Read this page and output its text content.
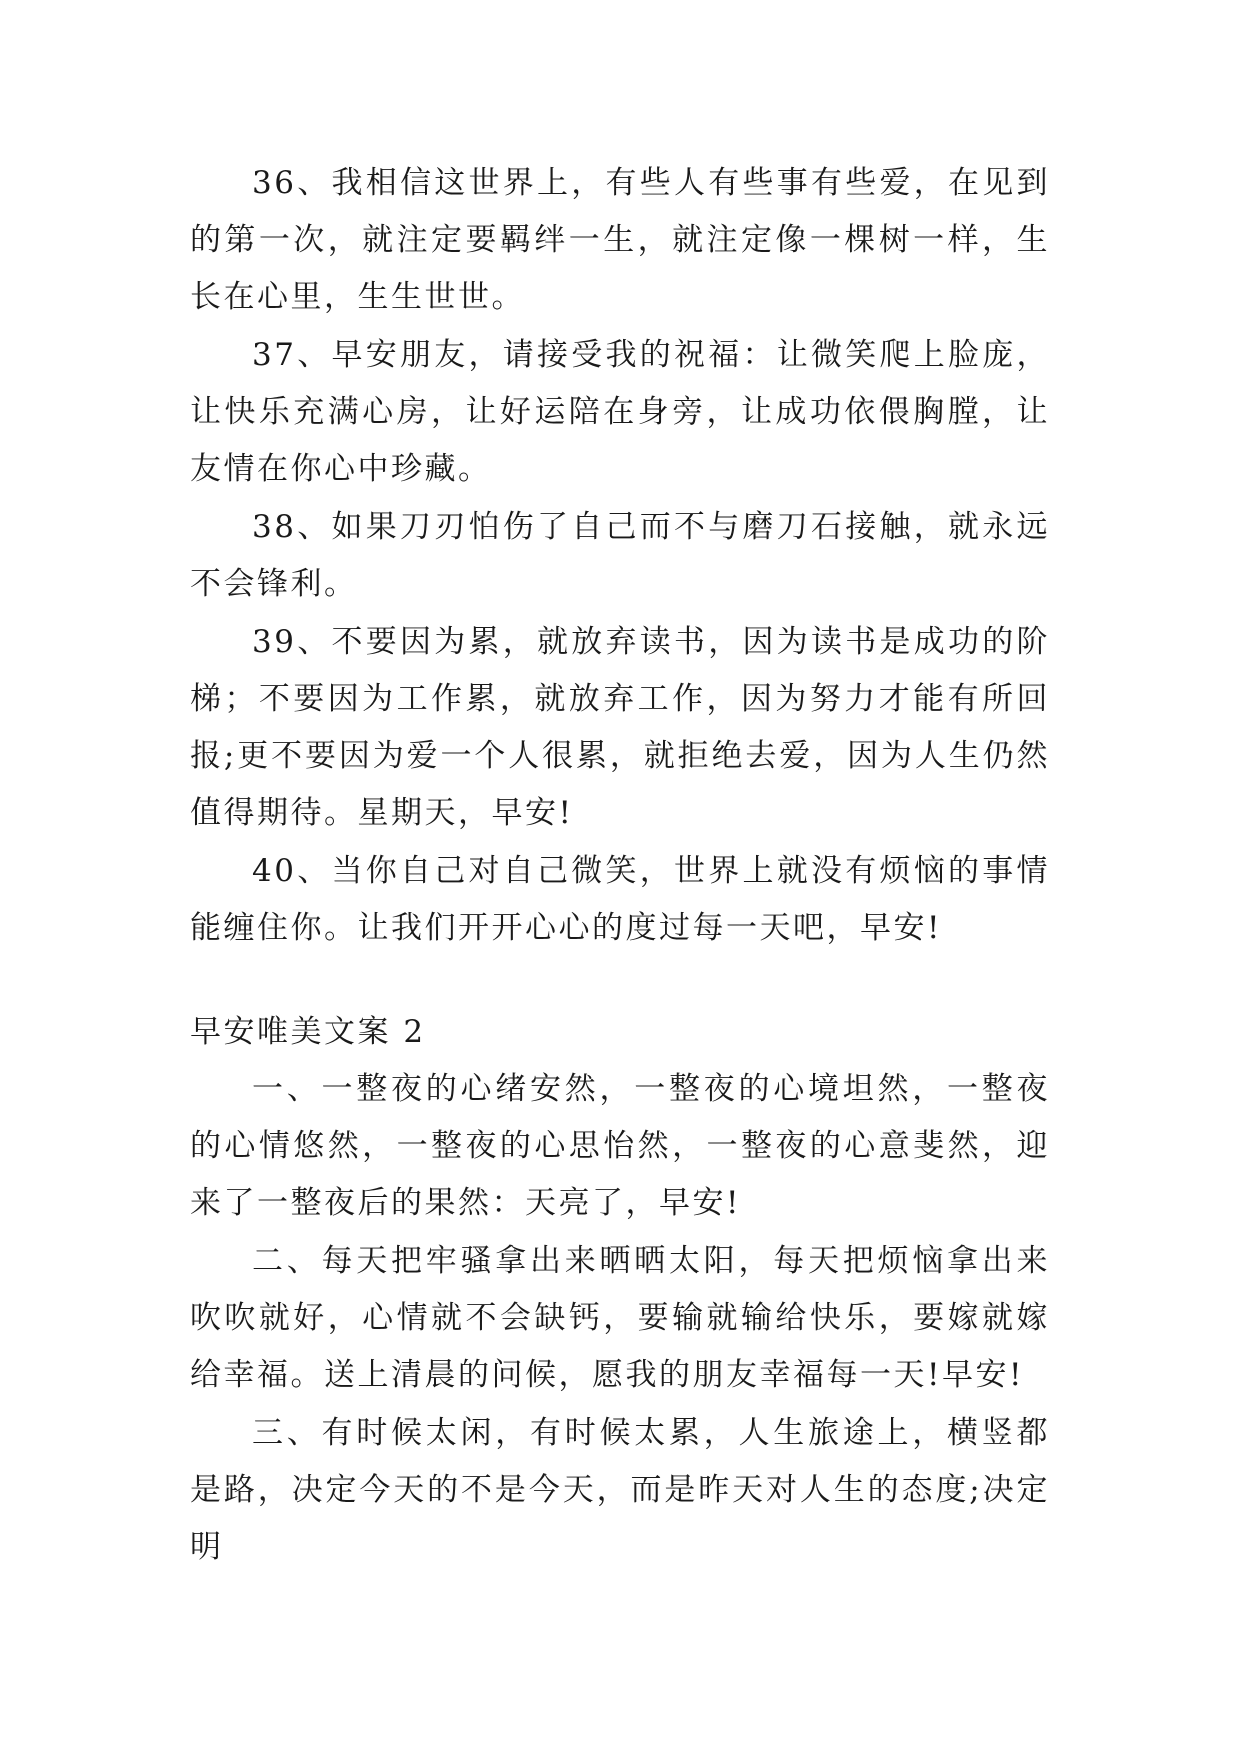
36、我相信这世界上，有些人有些事有些爱，在见到的第一次，就注定要羁绊一生，就注定像一棵树一样，生长在心里，生生世世。

37、早安朋友，请接受我的祝福：让微笑爬上脸庞，让快乐充满心房，让好运陪在身旁，让成功依偎胸膛，让友情在你心中珍藏。

38、如果刀刃怕伤了自己而不与磨刀石接触，就永远不会锋利。

39、不要因为累，就放弃读书，因为读书是成功的阶梯；不要因为工作累，就放弃工作，因为努力才能有所回报;更不要因为爱一个人很累，就拒绝去爱，因为人生仍然值得期待。星期天，早安!

40、当你自己对自己微笑，世界上就没有烦恼的事情能缠住你。让我们开开心心的度过每一天吧，早安!

早安唯美文案 2

一、一整夜的心绪安然，一整夜的心境坦然，一整夜的心情悠然，一整夜的心思怡然，一整夜的心意斐然，迎来了一整夜后的果然：天亮了，早安!

二、每天把牢骚拿出来晒晒太阳，每天把烦恼拿出来吹吹就好，心情就不会缺钙，要输就输给快乐，要嫁就嫁给幸福。送上清晨的问候，愿我的朋友幸福每一天!早安!

三、有时候太闲，有时候太累，人生旅途上，横竖都是路，决定今天的不是今天，而是昨天对人生的态度;决定明
